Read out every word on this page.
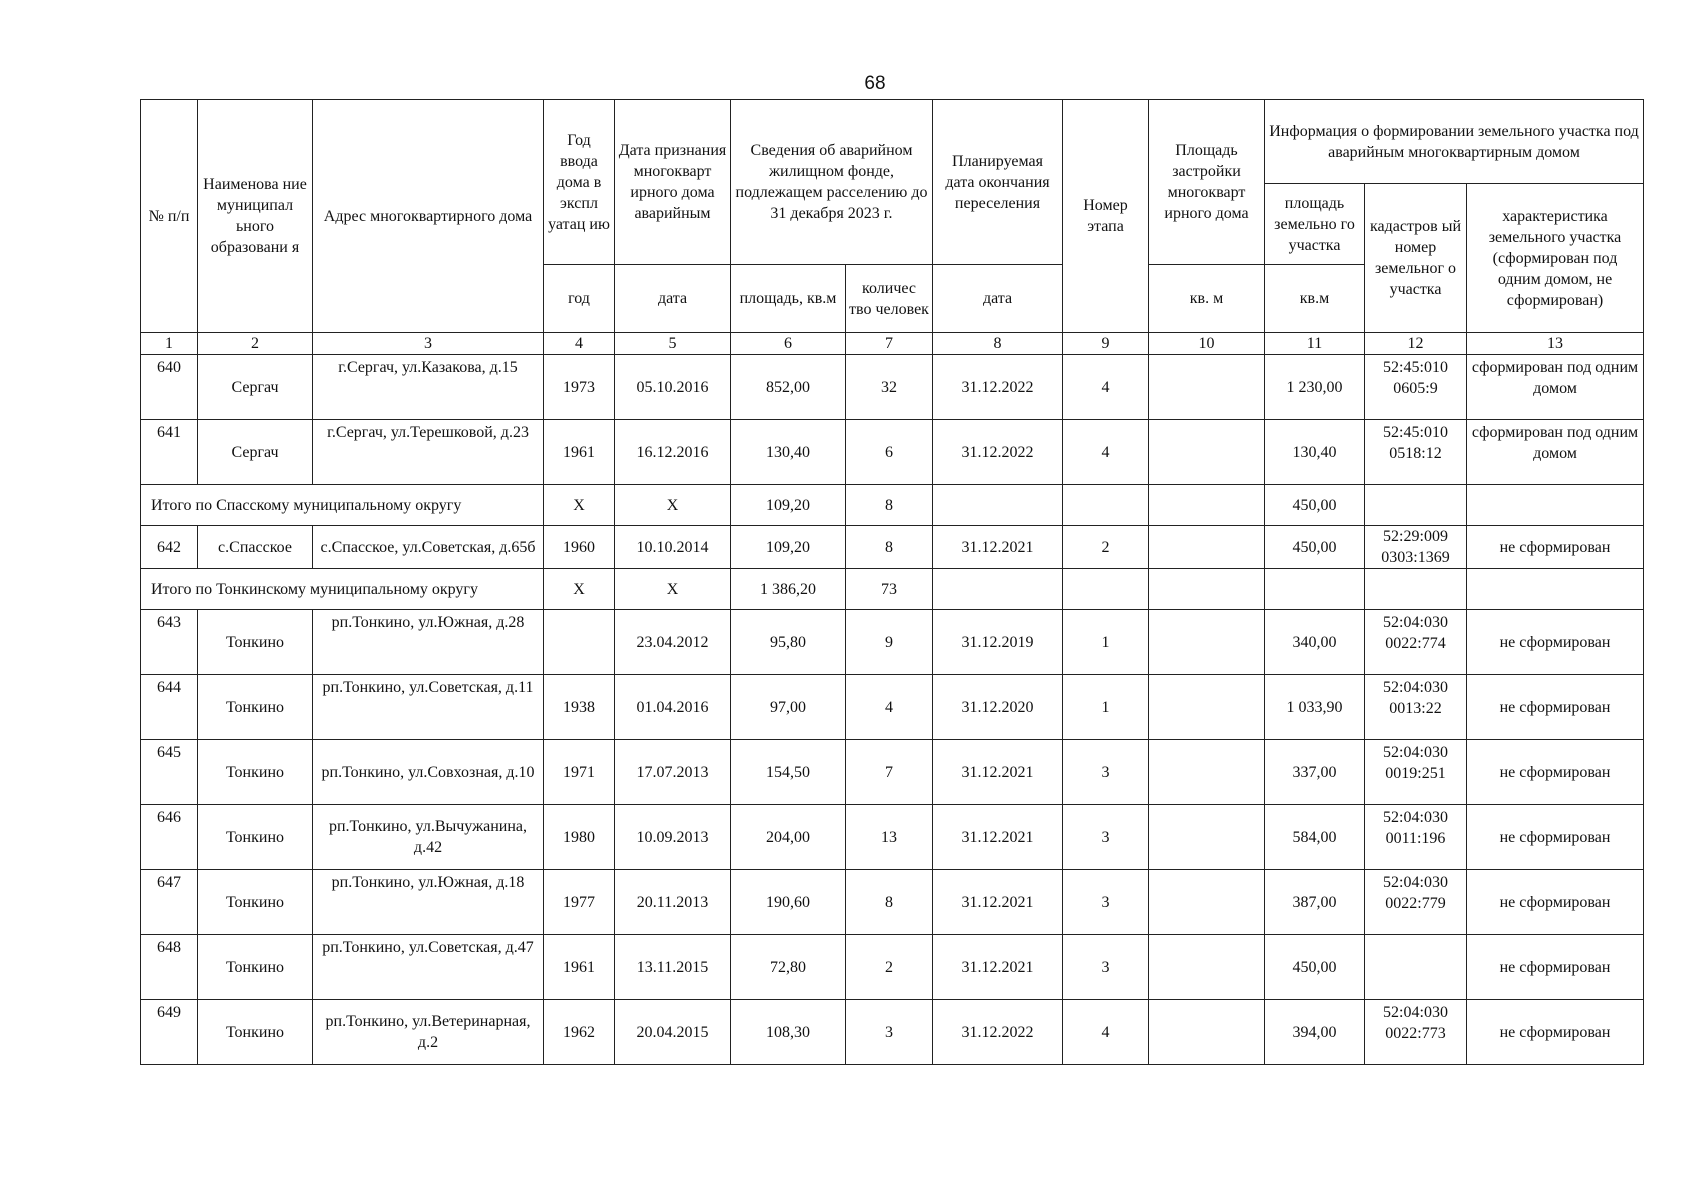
68
№ п/п	Наименова ние муниципал ьного образовани я	Адрес многоквартирного дома	Год ввода дома в экспл уатац ию	Дата признания многокварт ирного дома аварийным	Сведения об аварийном жилищном фонде, подлежащем расселению до 31 декабря 2023 г.		Планируемая дата окончания переселения	Номер этапа	Площадь застройки многокварт ирного дома	Информация о формировании земельного участка под аварийным многоквартирным домом		
										площадь земельно го участка	кадастров ый номер земельног о участка	характеристика земельного участка (сформирован под одним домом, не сформирован)
			год	дата	площадь, кв.м	количес тво человек	дата		кв. м	кв.м		
1	2	3	4	5	6	7	8	9	10	11	12	13
640	Сергач	г.Сергач, ул.Казакова, д.15	1973	05.10.2016	852,00	32	31.12.2022	4		1 230,00	52:45:010 0605:9	сформирован под одним домом
641	Сергач	г.Сергач, ул.Терешковой, д.23	1961	16.12.2016	130,40	6	31.12.2022	4		130,40	52:45:010 0518:12	сформирован под одним домом
Итого по Спасскому муниципальному округу			Х	Х	109,20	8				450,00		
642	с.Спасское	с.Спасское, ул.Советская, д.65б	1960	10.10.2014	109,20	8	31.12.2021	2		450,00	52:29:009 0303:1369	не сформирован
Итого по Тонкинскому муниципальному округу			Х	Х	1 386,20	73						
643	Тонкино	рп.Тонкино, ул.Южная, д.28		23.04.2012	95,80	9	31.12.2019	1		340,00	52:04:030 0022:774	не сформирован
644	Тонкино	рп.Тонкино, ул.Советская, д.11	1938	01.04.2016	97,00	4	31.12.2020	1		1 033,90	52:04:030 0013:22	не сформирован
645	Тонкино	рп.Тонкино, ул.Совхозная, д.10	1971	17.07.2013	154,50	7	31.12.2021	3		337,00	52:04:030 0019:251	не сформирован
646	Тонкино	рп.Тонкино, ул.Вычужанина, д.42	1980	10.09.2013	204,00	13	31.12.2021	3		584,00	52:04:030 0011:196	не сформирован
647	Тонкино	рп.Тонкино, ул.Южная, д.18	1977	20.11.2013	190,60	8	31.12.2021	3		387,00	52:04:030 0022:779	не сформирован
648	Тонкино	рп.Тонкино, ул.Советская, д.47	1961	13.11.2015	72,80	2	31.12.2021	3		450,00		не сформирован
649	Тонкино	рп.Тонкино, ул.Ветеринарная, д.2	1962	20.04.2015	108,30	3	31.12.2022	4		394,00	52:04:030 0022:773	не сформирован
